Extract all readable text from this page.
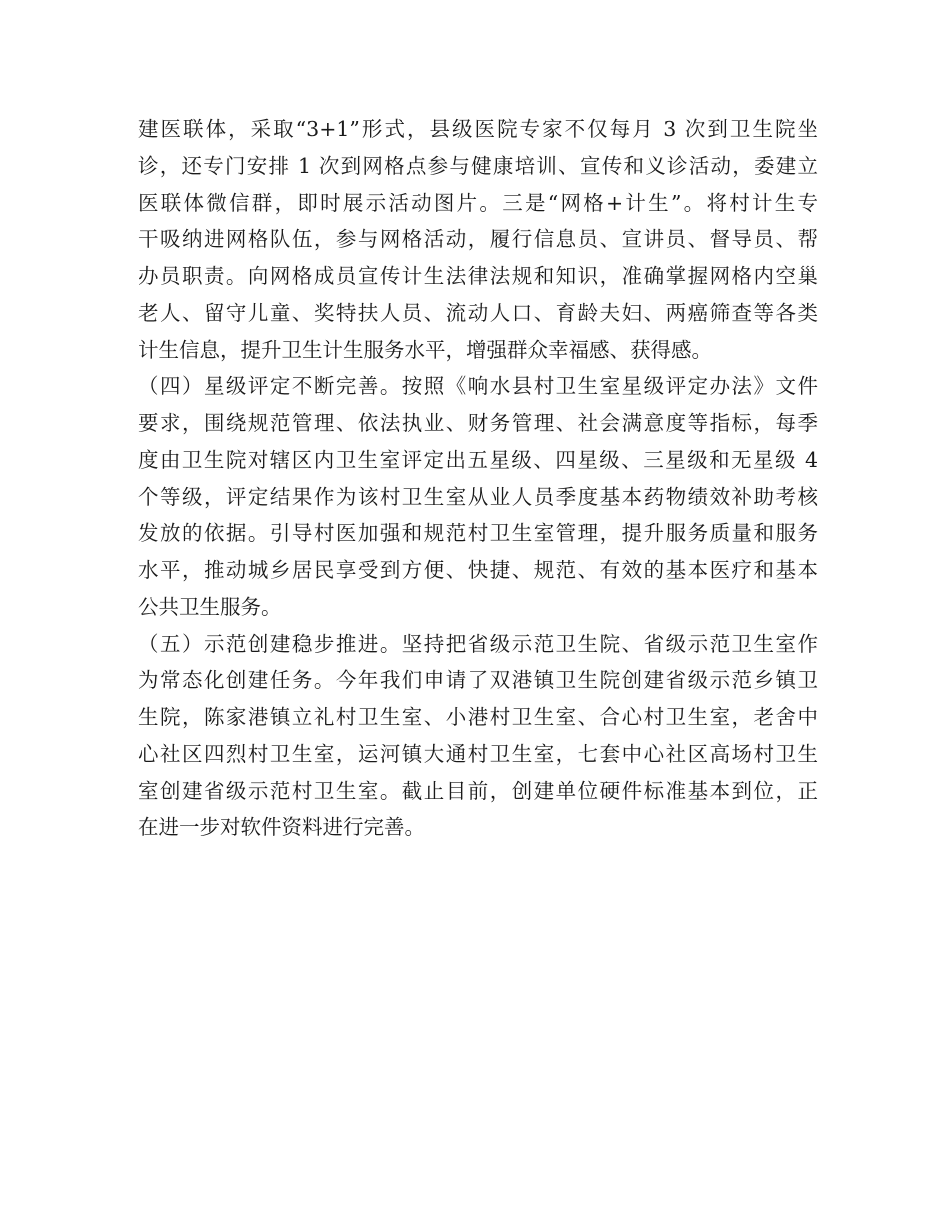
建医联体，采取“3+1”形式，县级医院专家不仅每月 3 次到卫生院坐
诊，还专门安排 1 次到网格点参与健康培训、宣传和义诊活动，委建立
医联体微信群，即时展示活动图片。三是“网格+计生”。将村计生专
干吸纳进网格队伍，参与网格活动，履行信息员、宣讲员、督导员、帮
办员职责。向网格成员宣传计生法律法规和知识，准确掌握网格内空巢
老人、留守儿童、奖特扶人员、流动人口、育龄夫妇、两癌筛查等各类
计生信息，提升卫生计生服务水平，增强群众幸福感、获得感。
（四）星级评定不断完善。按照《响水县村卫生室星级评定办法》文件
要求，围绕规范管理、依法执业、财务管理、社会满意度等指标，每季
度由卫生院对辖区内卫生室评定出五星级、四星级、三星级和无星级 4
个等级，评定结果作为该村卫生室从业人员季度基本药物绩效补助考核
发放的依据。引导村医加强和规范村卫生室管理，提升服务质量和服务
水平，推动城乡居民享受到方便、快捷、规范、有效的基本医疗和基本
公共卫生服务。
（五）示范创建稳步推进。坚持把省级示范卫生院、省级示范卫生室作
为常态化创建任务。今年我们申请了双港镇卫生院创建省级示范乡镇卫
生院，陈家港镇立礼村卫生室、小港村卫生室、合心村卫生室，老舍中
心社区四烈村卫生室，运河镇大通村卫生室，七套中心社区高场村卫生
室创建省级示范村卫生室。截止目前，创建单位硬件标准基本到位，正
在进一步对软件资料进行完善。
